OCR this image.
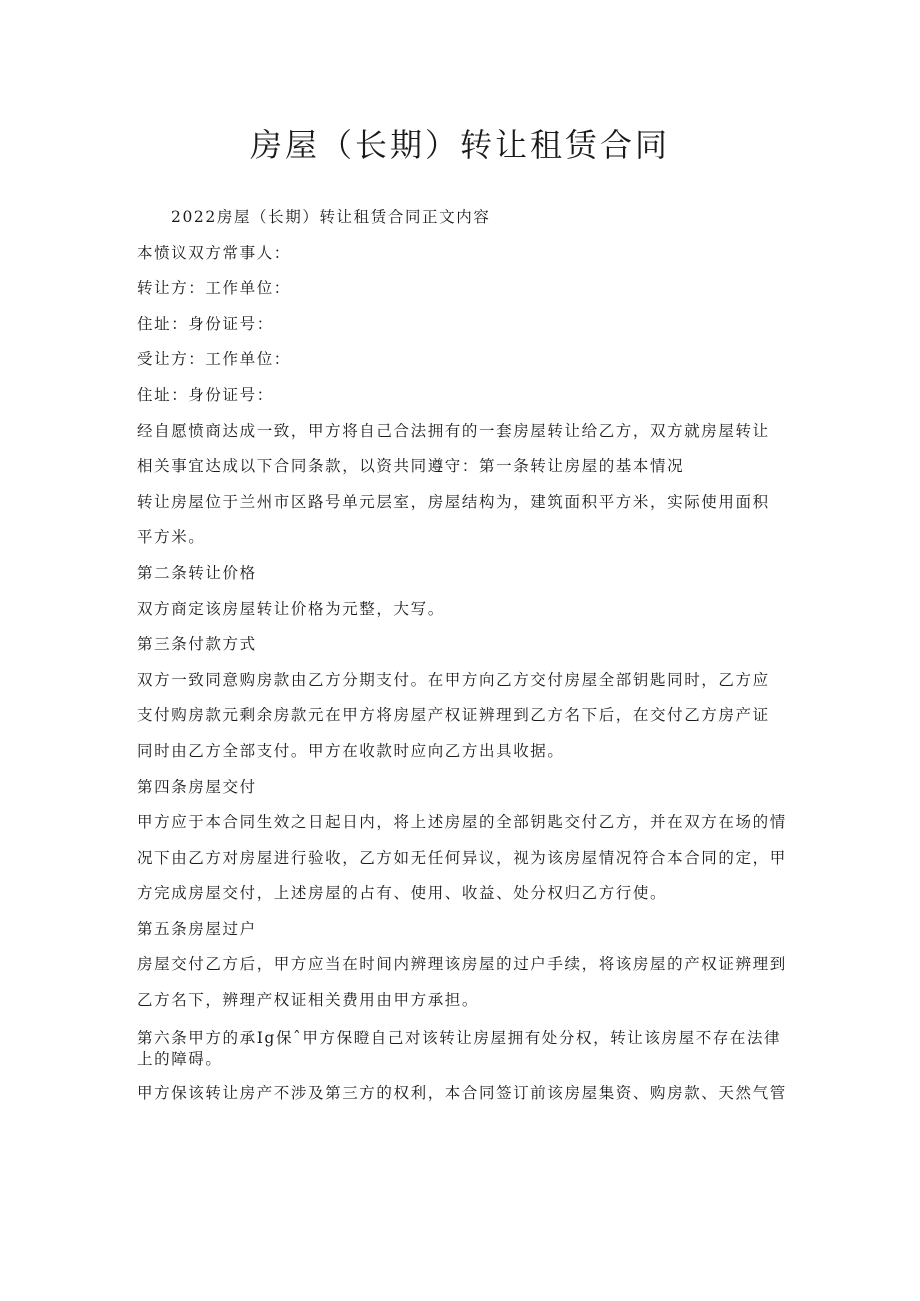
房屋（长期）转让租赁合同

2022房屋（长期）转让租赁合同正文内容

本愤议双方常事人：

转让方：工作单位：

住址：身份证号：

受让方：工作单位：

住址：身份证号：

经自愿愤商达成一致，甲方将自己合法拥有的一套房屋转让给乙方，双方就房屋转让

相关事宜达成以下合同条款，以资共同遵守：第一条转让房屋的基本情况

转让房屋位于兰州市区路号单元层室，房屋结构为，建筑面积平方米，实际使用面积

平方米。

第二条转让价格

双方商定该房屋转让价格为元整，大写。

第三条付款方式

双方一致同意购房款由乙方分期支付。在甲方向乙方交付房屋全部钥匙同时，乙方应

支付购房款元剩余房款元在甲方将房屋产权证辨理到乙方名下后，在交付乙方房产证

同时由乙方全部支付。甲方在收款时应向乙方出具收据。

第四条房屋交付

甲方应于本合同生效之日起日内，将上述房屋的全部钥匙交付乙方，并在双方在场的情

况下由乙方对房屋进行验收，乙方如无任何异议，视为该房屋情况符合本合同的定，甲

方完成房屋交付，上述房屋的占有、使用、收益、处分权归乙方行使。

第五条房屋过户

房屋交付乙方后，甲方应当在时间内辨理该房屋的过户手续，将该房屋的产权证辨理到

乙方名下，辨理产权证相关费用由甲方承担。

第六条甲方的承Ig保ˆ甲方保瞪自己对该转让房屋拥有处分权，转让该房屋不存在法律

上的障碍。

甲方保该转让房产不涉及第三方的权利，本合同签订前该房屋集资、购房款、天然气管
